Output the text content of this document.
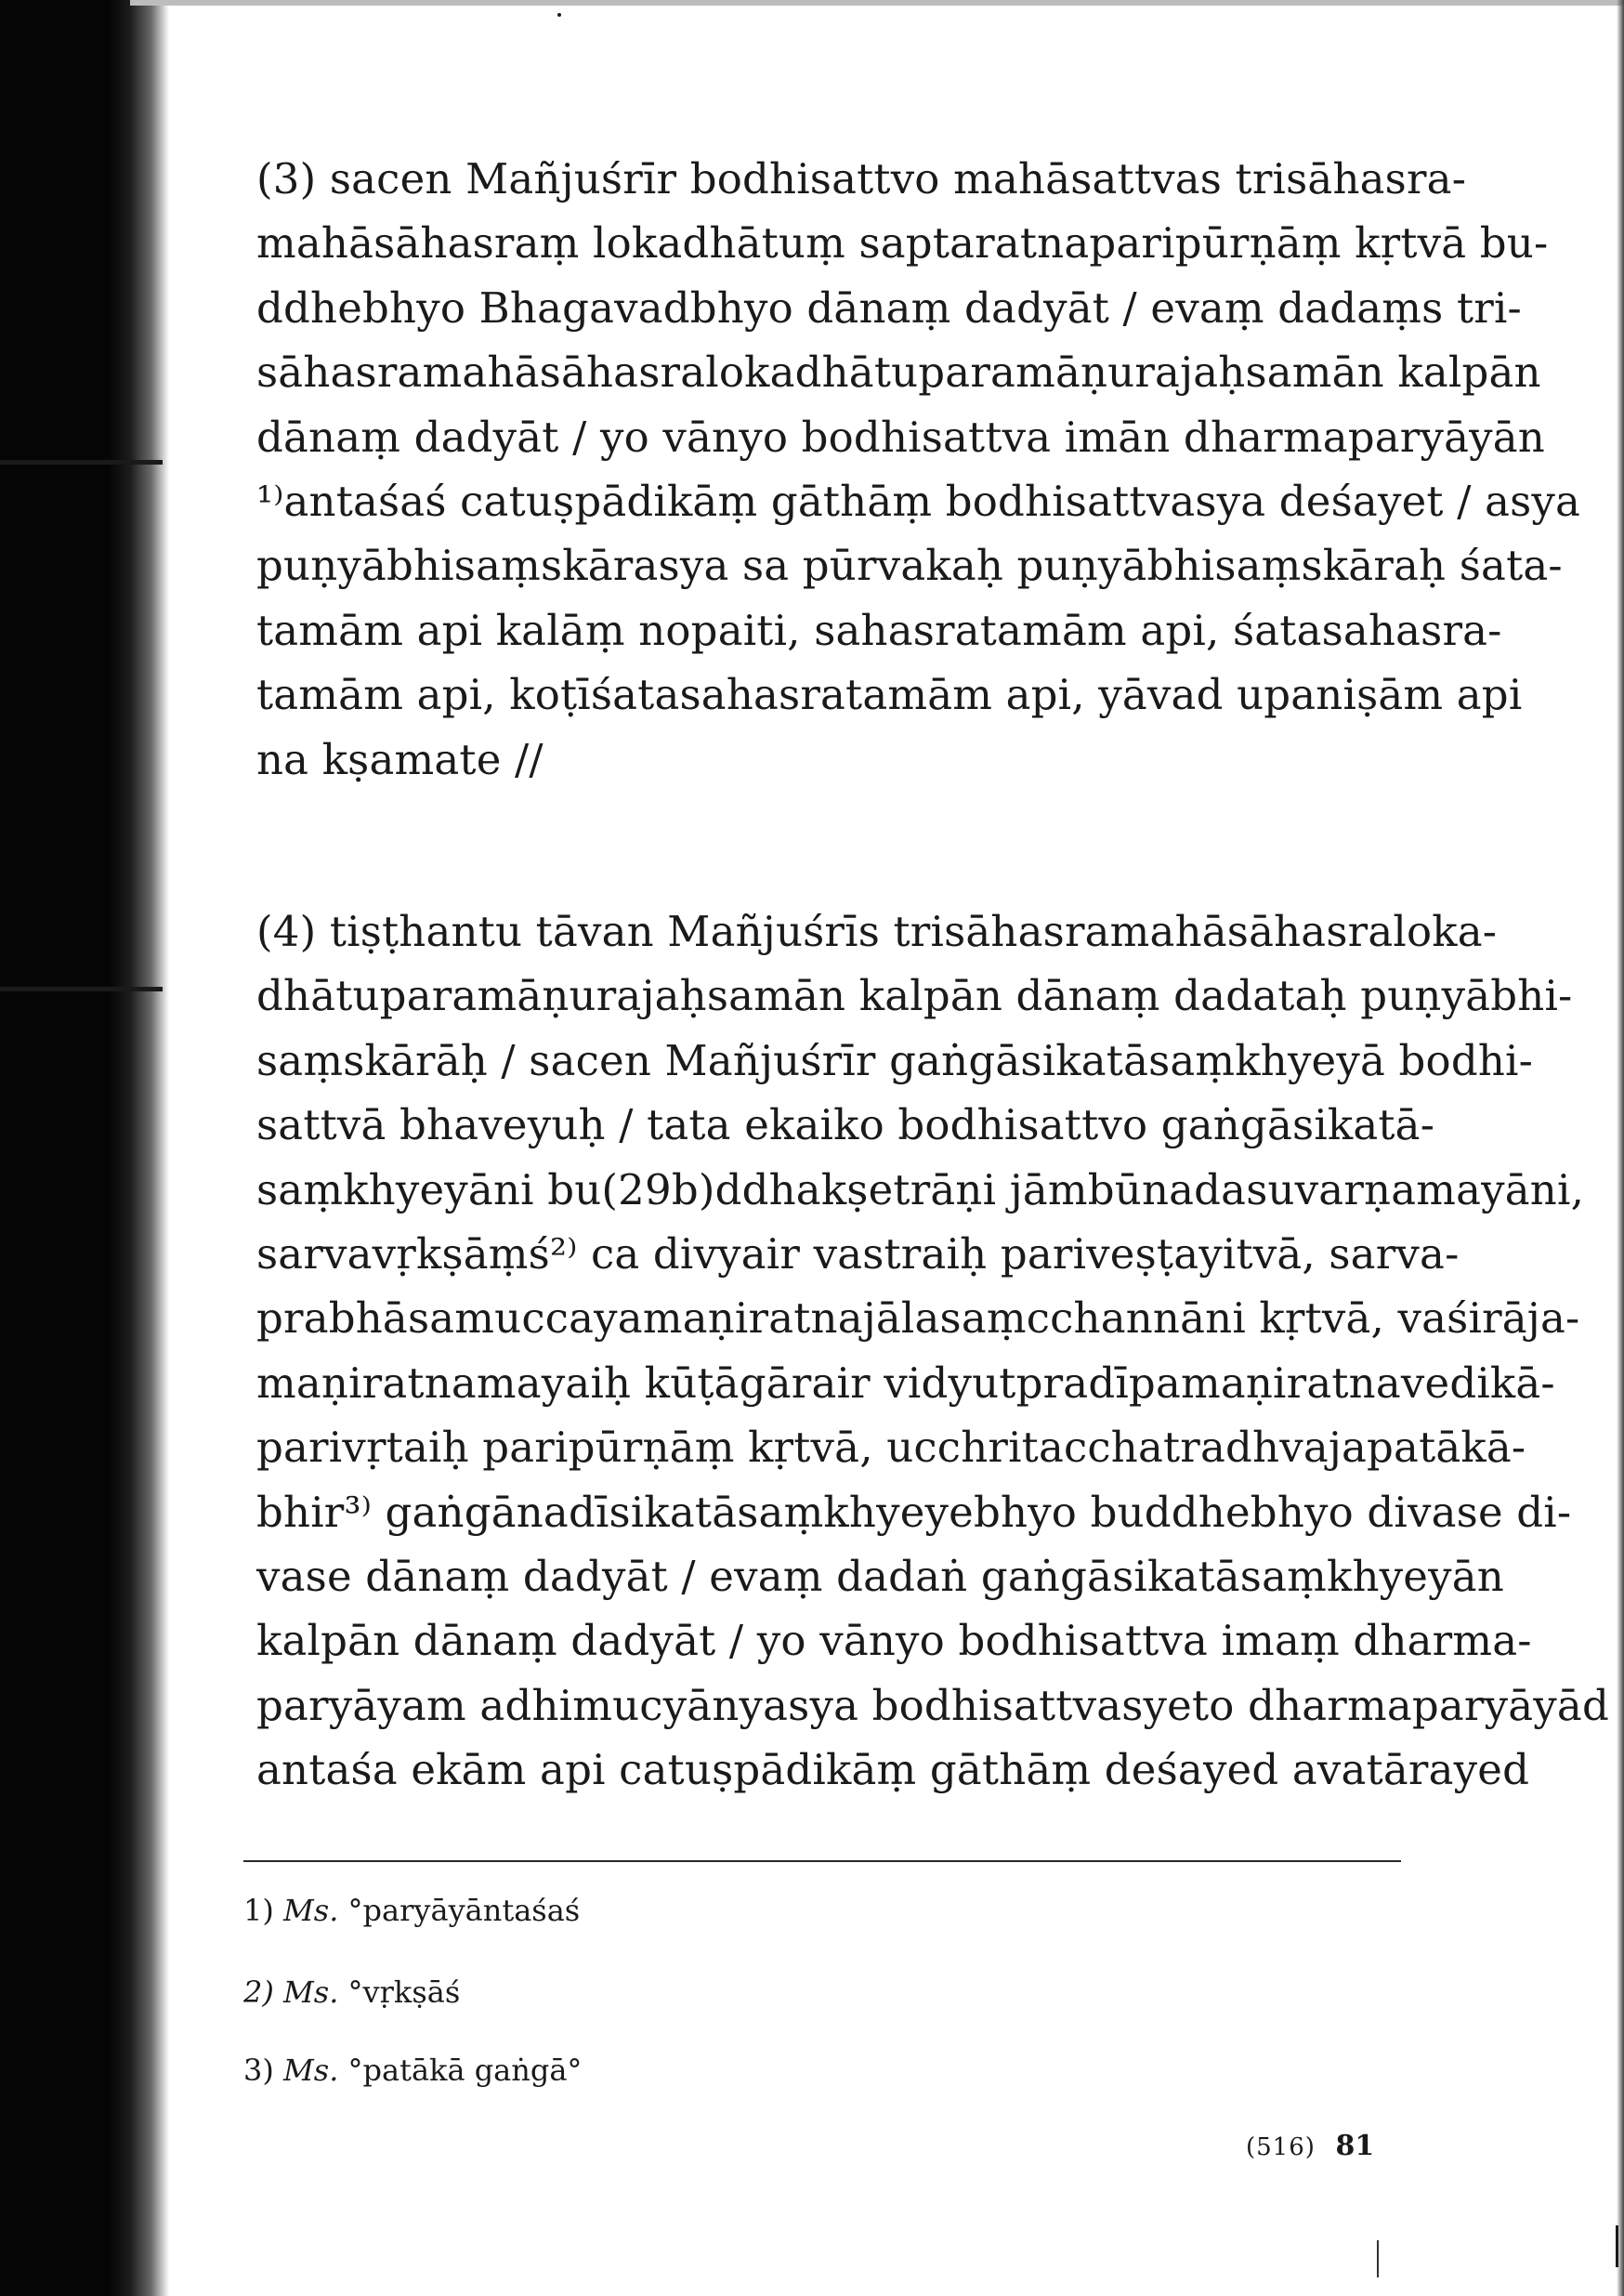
(3) sacen Mañjuśrīr bodhisattvo mahāsattvas trisāhasra-
mahāsāhasraṃ lokadhātuṃ saptaratnaparipūrṇāṃ kṛtvā bu-
ddhebhyo Bhagavadbhyo dānaṃ dadyāt / evaṃ dadaṃs tri-
sāhasramahāsāhasralokadhātuparamāṇurajaḥsamān kalpān
dānaṃ dadyāt / yo vānyo bodhisattva imān dharmaparyāyān
¹⁾antaśaś catuṣpādikāṃ gāthāṃ bodhisattvasya deśayet / asya
puṇyābhisaṃskārasya sa pūrvakaḥ puṇyābhisaṃskāraḥ śata-
tamām api kalāṃ nopaiti, sahasratamām api, śatasahasra-
tamām api, koṭīśatasahasratamām api, yāvad upaniṣām api
na kṣamate //
(4) tiṣṭhantu tāvan Mañjuśrīs trisāhasramahāsāhasraloka-
dhātuparamāṇurajaḥsamān kalpān dānaṃ dadataḥ puṇyābhi-
saṃskārāḥ / sacen Mañjuśrīr gaṅgāsikatāsaṃkhyeyā bodhi-
sattvā bhaveyuḥ / tata ekaiko bodhisattvo gaṅgāsikatā-
saṃkhyeyāni bu(29b)ddhakṣetrāṇi jāmbūnadasuvarṇamayāni,
sarvavṛkṣāṃś²⁾ ca divyair vastraiḥ pariveṣṭayitvā, sarva-
prabhāsamuccayamaṇiratnajālasaṃcchannāni kṛtvā, vaśirāja-
maṇiratnamayaiḥ kūṭāgārair vidyutpradīpamaṇiratnavedikā-
parivṛtaiḥ paripūrṇāṃ kṛtvā, ucchritacchatradhvajapatākā-
bhir³⁾ gaṅgānadīsikatāsaṃkhyeyebhyo buddhebhyo divase di-
vase dānaṃ dadyāt / evaṃ dadaṅ gaṅgāsikatāsaṃkhyeyān
kalpān dānaṃ dadyāt / yo vānyo bodhisattva imaṃ dharma-
paryāyam adhimucyānyasya bodhisattvasyeto dharmaparyāyād
antaśa ekām api catuṣpādikāṃ gāthāṃ deśayed avatārayed
1) Ms. °paryāyāntaśaś
2) Ms. °vṛkṣāś
3) Ms. °patākā gaṅgā°
(516) 81
